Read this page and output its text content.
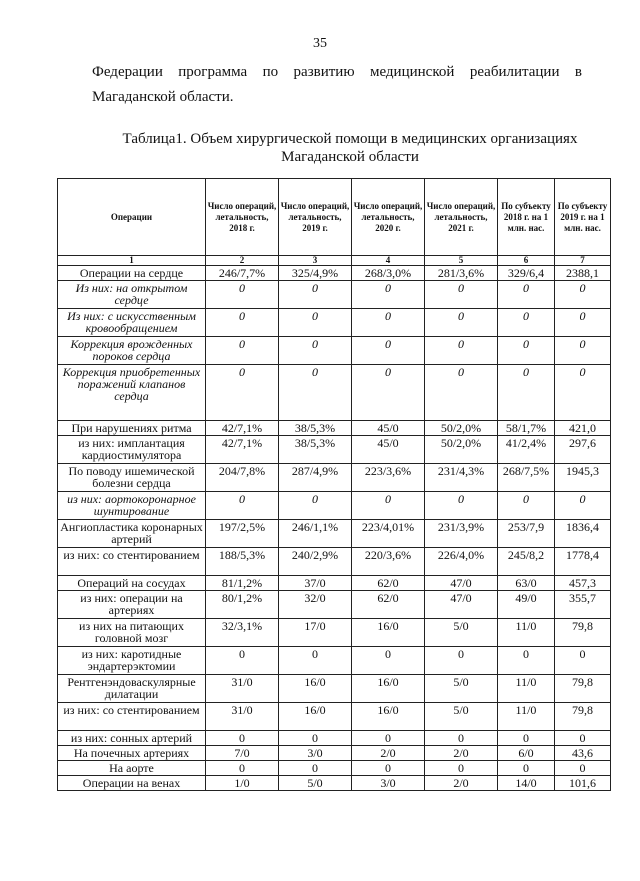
35
Федерации программа по развитию медицинской реабилитации в
Магаданской области.
Таблица1. Объем хирургической помощи в медицинских организациях
Магаданской области
Операции	Число операций, летальность, 2018 г.	Число операций, летальность, 2019 г.	Число операций, летальность, 2020 г.	Число операций, летальность, 2021 г.	По субъекту 2018 г. на 1 млн. нас.	По субъекту 2019 г. на 1 млн. нас.
1	2	3	4	5	6	7
Операции на сердце	246/7,7%	325/4,9%	268/3,0%	281/3,6%	329/6,4	2388,1
Из них: на открытом сердце	0	0	0	0	0	0
Из них: с искусственным кровообращением	0	0	0	0	0	0
Коррекция врожденных пороков сердца	0	0	0	0	0	0
Коррекция приобретенных поражений клапанов сердца	0	0	0	0	0	0
При нарушениях ритма	42/7,1%	38/5,3%	45/0	50/2,0%	58/1,7%	421,0
из них: имплантация кардиостимулятора	42/7,1%	38/5,3%	45/0	50/2,0%	41/2,4%	297,6
По поводу ишемической болезни сердца	204/7,8%	287/4,9%	223/3,6%	231/4,3%	268/7,5%	1945,3
из них: аортокоронарное шунтирование	0	0	0	0	0	0
Ангиопластика коронарных артерий	197/2,5%	246/1,1%	223/4,01%	231/3,9%	253/7,9	1836,4
из них: со стентированием	188/5,3%	240/2,9%	220/3,6%	226/4,0%	245/8,2	1778,4
Операций на сосудах	81/1,2%	37/0	62/0	47/0	63/0	457,3
из них: операции на артериях	80/1,2%	32/0	62/0	47/0	49/0	355,7
из них на питающих головной мозг	32/3,1%	17/0	16/0	5/0	11/0	79,8
из них: каротидные эндартерэктомии	0	0	0	0	0	0
Рентгенэндоваскулярные дилатации	31/0	16/0	16/0	5/0	11/0	79,8
из них: со стентированием	31/0	16/0	16/0	5/0	11/0	79,8
из них: сонных артерий	0	0	0	0	0	0
На почечных артериях	7/0	3/0	2/0	2/0	6/0	43,6
На аорте	0	0	0	0	0	0
Операции на венах	1/0	5/0	3/0	2/0	14/0	101,6
